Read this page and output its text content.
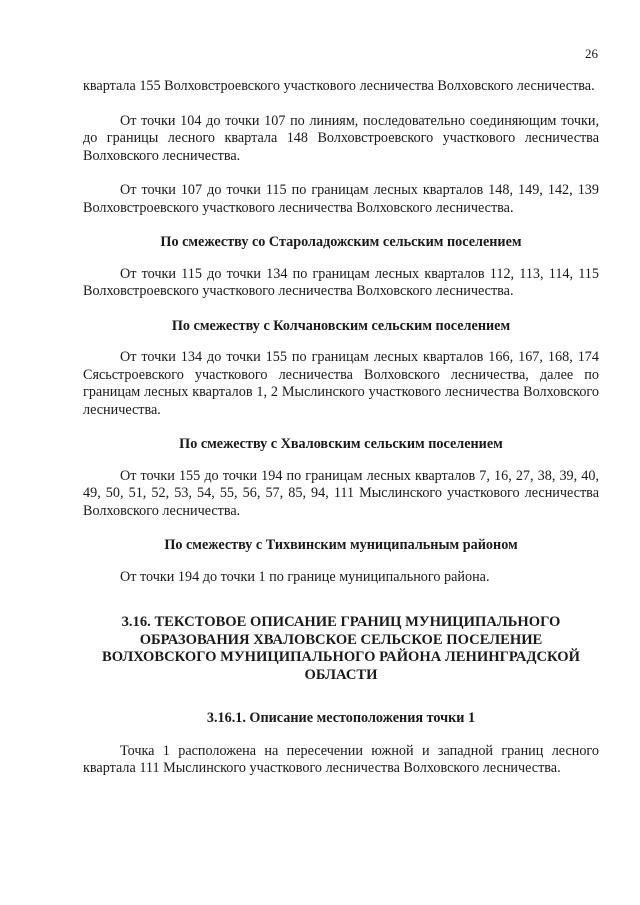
26

квартала 155 Волховстроевского участкового лесничества Волховского лесничества.

От точки 104 до точки 107 по линиям, последовательно соединяющим точки, до границы лесного квартала 148 Волховстроевского участкового лесничества Волховского лесничества.

От точки 107 до точки 115 по границам лесных кварталов 148, 149, 142, 139 Волховстроевского участкового лесничества Волховского лесничества.

По смежеству со Староладожским сельским поселением

От точки 115 до точки 134 по границам лесных кварталов 112, 113, 114, 115 Волховстроевского участкового лесничества Волховского лесничества.

По смежеству с Колчановским сельским поселением

От точки 134 до точки 155 по границам лесных кварталов 166, 167, 168, 174 Сясьстроевского участкового лесничества Волховского лесничества, далее по границам лесных кварталов 1, 2 Мыслинского участкового лесничества Волховского лесничества.

По смежеству с Хваловским сельским поселением

От точки 155 до точки 194 по границам лесных кварталов 7, 16, 27, 38, 39, 40, 49, 50, 51, 52, 53, 54, 55, 56, 57, 85, 94, 111 Мыслинского участкового лесничества Волховского лесничества.

По смежеству с Тихвинским муниципальным районом

От точки 194 до точки 1 по границе муниципального района.

3.16. ТЕКСТОВОЕ ОПИСАНИЕ ГРАНИЦ МУНИЦИПАЛЬНОГО ОБРАЗОВАНИЯ ХВАЛОВСКОЕ СЕЛЬСКОЕ ПОСЕЛЕНИЕ ВОЛХОВСКОГО МУНИЦИПАЛЬНОГО РАЙОНА ЛЕНИНГРАДСКОЙ ОБЛАСТИ

3.16.1. Описание местоположения точки 1

Точка 1 расположена на пересечении южной и западной границ лесного квартала 111 Мыслинского участкового лесничества Волховского лесничества.
